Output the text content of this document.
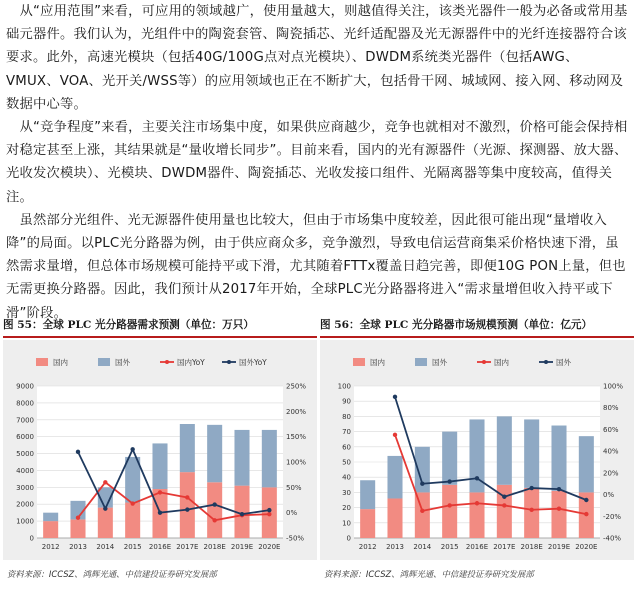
　从“应用范围”来看，可应用的领域越广，使用量越大，则越值得关注，该类光器件一般为必备或常用基础元器件。我们认为，光组件中的陶瓷套管、陶瓷插芯、光纤适配器及光无源器件中的光纤连接器符合该要求。此外，高速光模块（包括40G/100G点对点光模块）、DWDM系统类光器件（包括AWG、VMUX、VOA、光开关/WSS等）的应用领域也正在不断扩大，包括骨干网、城域网、接入网、移动网及数据中心等。

　从“竞争程度”来看，主要关注市场集中度，如果供应商越少，竞争也就相对不激烈，价格可能会保持相对稳定甚至上涨，其结果就是“量收增长同步”。目前来看，国内的光有源器件（光源、探测器、放大器、光收发次模块）、光模块、DWDM器件、陶瓷插芯、光收发接口组件、光隔离器等集中度较高，值得关注。

　虽然部分光组件、光无源器件使用量也比较大，但由于市场集中度较差，因此很可能出现“量增收入降”的局面。以PLC光分路器为例，由于供应商众多，竞争激烈，导致电信运营商集采价格快速下滑，虽然需求量增，但总体市场规模可能持平或下滑，尤其随着FTTx覆盖日趋完善，即便10G PON上量，但也无需更换分路器。因此，我们预计从2017年开始，全球PLC光分路器将进入“需求量增但收入持平或下滑”阶段。

图 55：全球 PLC 光分路器需求预测（单位：万只）
0
1000
2000
3000
4000
5000
6000
7000
8000
9000
-50%
0%
50%
100%
150%
200%
250%
2012 2013 2014 2015 2016E 2017E 2018E 2019E 2020E
国内	国外	国内YoY	国外YoY
资料来源：ICCSZ、鸿辉光通、中信建投证券研究发展部
图 56：全球 PLC 光分路器市场规模预测（单位：亿元）
0
10
20
30
40
50
60
70
80
90
100
-40%
-20%
0%
20%
40%
60%
80%
100%
2012 2013 2014 2015 2016E 2017E 2018E 2019E 2020E
国内	国外	国内	国外
资料来源：ICCSZ、鸿辉光通、中信建投证券研究发展部
